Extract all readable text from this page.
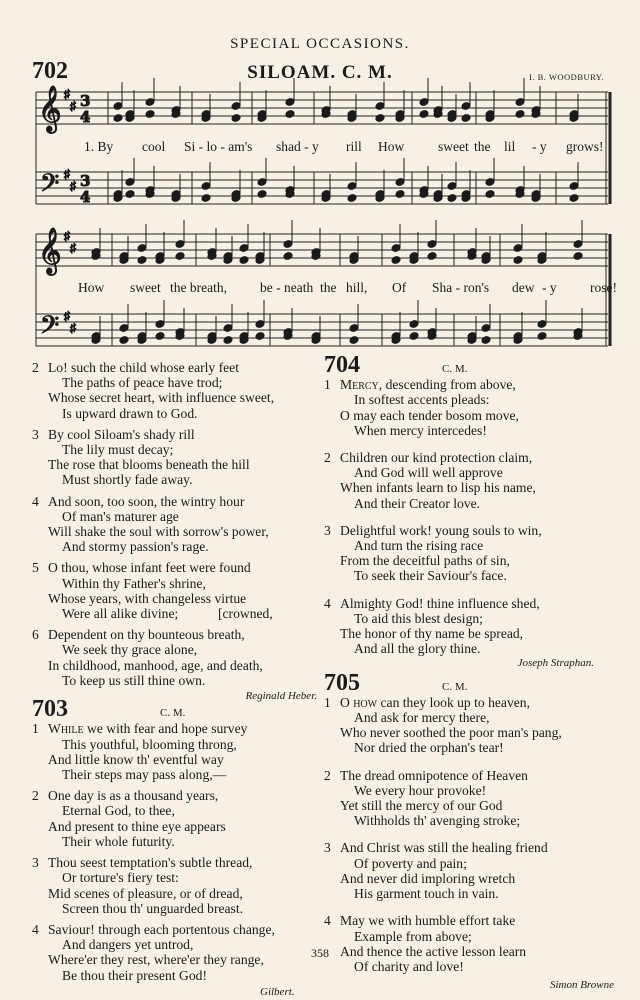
SPECIAL OCCASIONS.
702	SILOAM. C. M.	I. B. WOODBURY.
𝄞
𝄞
𝄢
𝄢
3
4
3
4
♯
♯
♯
♯
♯
♯
♯
♯
1. By cool Si - lo - am's shad - y rill How	sweet the lil - y grows!
How sweet the breath, be - neath the hill, Of Sha - ron's dew - y rose!
2 Lo! such the child whose early feet
The paths of peace have trod;
Whose secret heart, with influence sweet,
Is upward drawn to God.
3 By cool Siloam's shady rill
The lily must decay;
The rose that blooms beneath the hill
Must shortly fade away.
4 And soon, too soon, the wintry hour
Of man's maturer age
Will shake the soul with sorrow's power,
And stormy passion's rage.
5 O thou, whose infant feet were found
Within thy Father's shrine,
Whose years, with changeless virtue
Were all alike divine;	[crowned,
6 Dependent on thy bounteous breath,
We seek thy grace alone,
In childhood, manhood, age, and death,
To keep us still thine own.
Reginald Heber.
703	C. M.
1 While we with fear and hope survey
This youthful, blooming throng,
And little know th' eventful way
Their steps may pass along,—
2 One day is as a thousand years,
Eternal God, to thee,
And present to thine eye appears
Their whole futurity.
3 Thou seest temptation's subtle thread,
Or torture's fiery test:
Mid scenes of pleasure, or of dread,
Screen thou th' unguarded breast.
4 Saviour! through each portentous change,
And dangers yet untrod,
Where'er they rest, where'er they range,
Be thou their present God!
Gilbert.
704	C. M.
1 Mercy, descending from above,
In softest accents pleads:
O may each tender bosom move,
When mercy intercedes!
2 Children our kind protection claim,
And God will well approve
When infants learn to lisp his name,
And their Creator love.
3 Delightful work! young souls to win,
And turn the rising race
From the deceitful paths of sin,
To seek their Saviour's face.
4 Almighty God! thine influence shed,
To aid this blest design;
The honor of thy name be spread,
And all the glory thine.
Joseph Straphan.
705	C. M.
1 O how can they look up to heaven,
And ask for mercy there,
Who never soothed the poor man's pang,
Nor dried the orphan's tear!
2 The dread omnipotence of Heaven
We every hour provoke!
Yet still the mercy of our God
Withholds th' avenging stroke;
3 And Christ was still the healing friend
Of poverty and pain;
And never did imploring wretch
His garment touch in vain.
4 May we with humble effort take
Example from above;
And thence the active lesson learn
Of charity and love!
Simon Browne
358
